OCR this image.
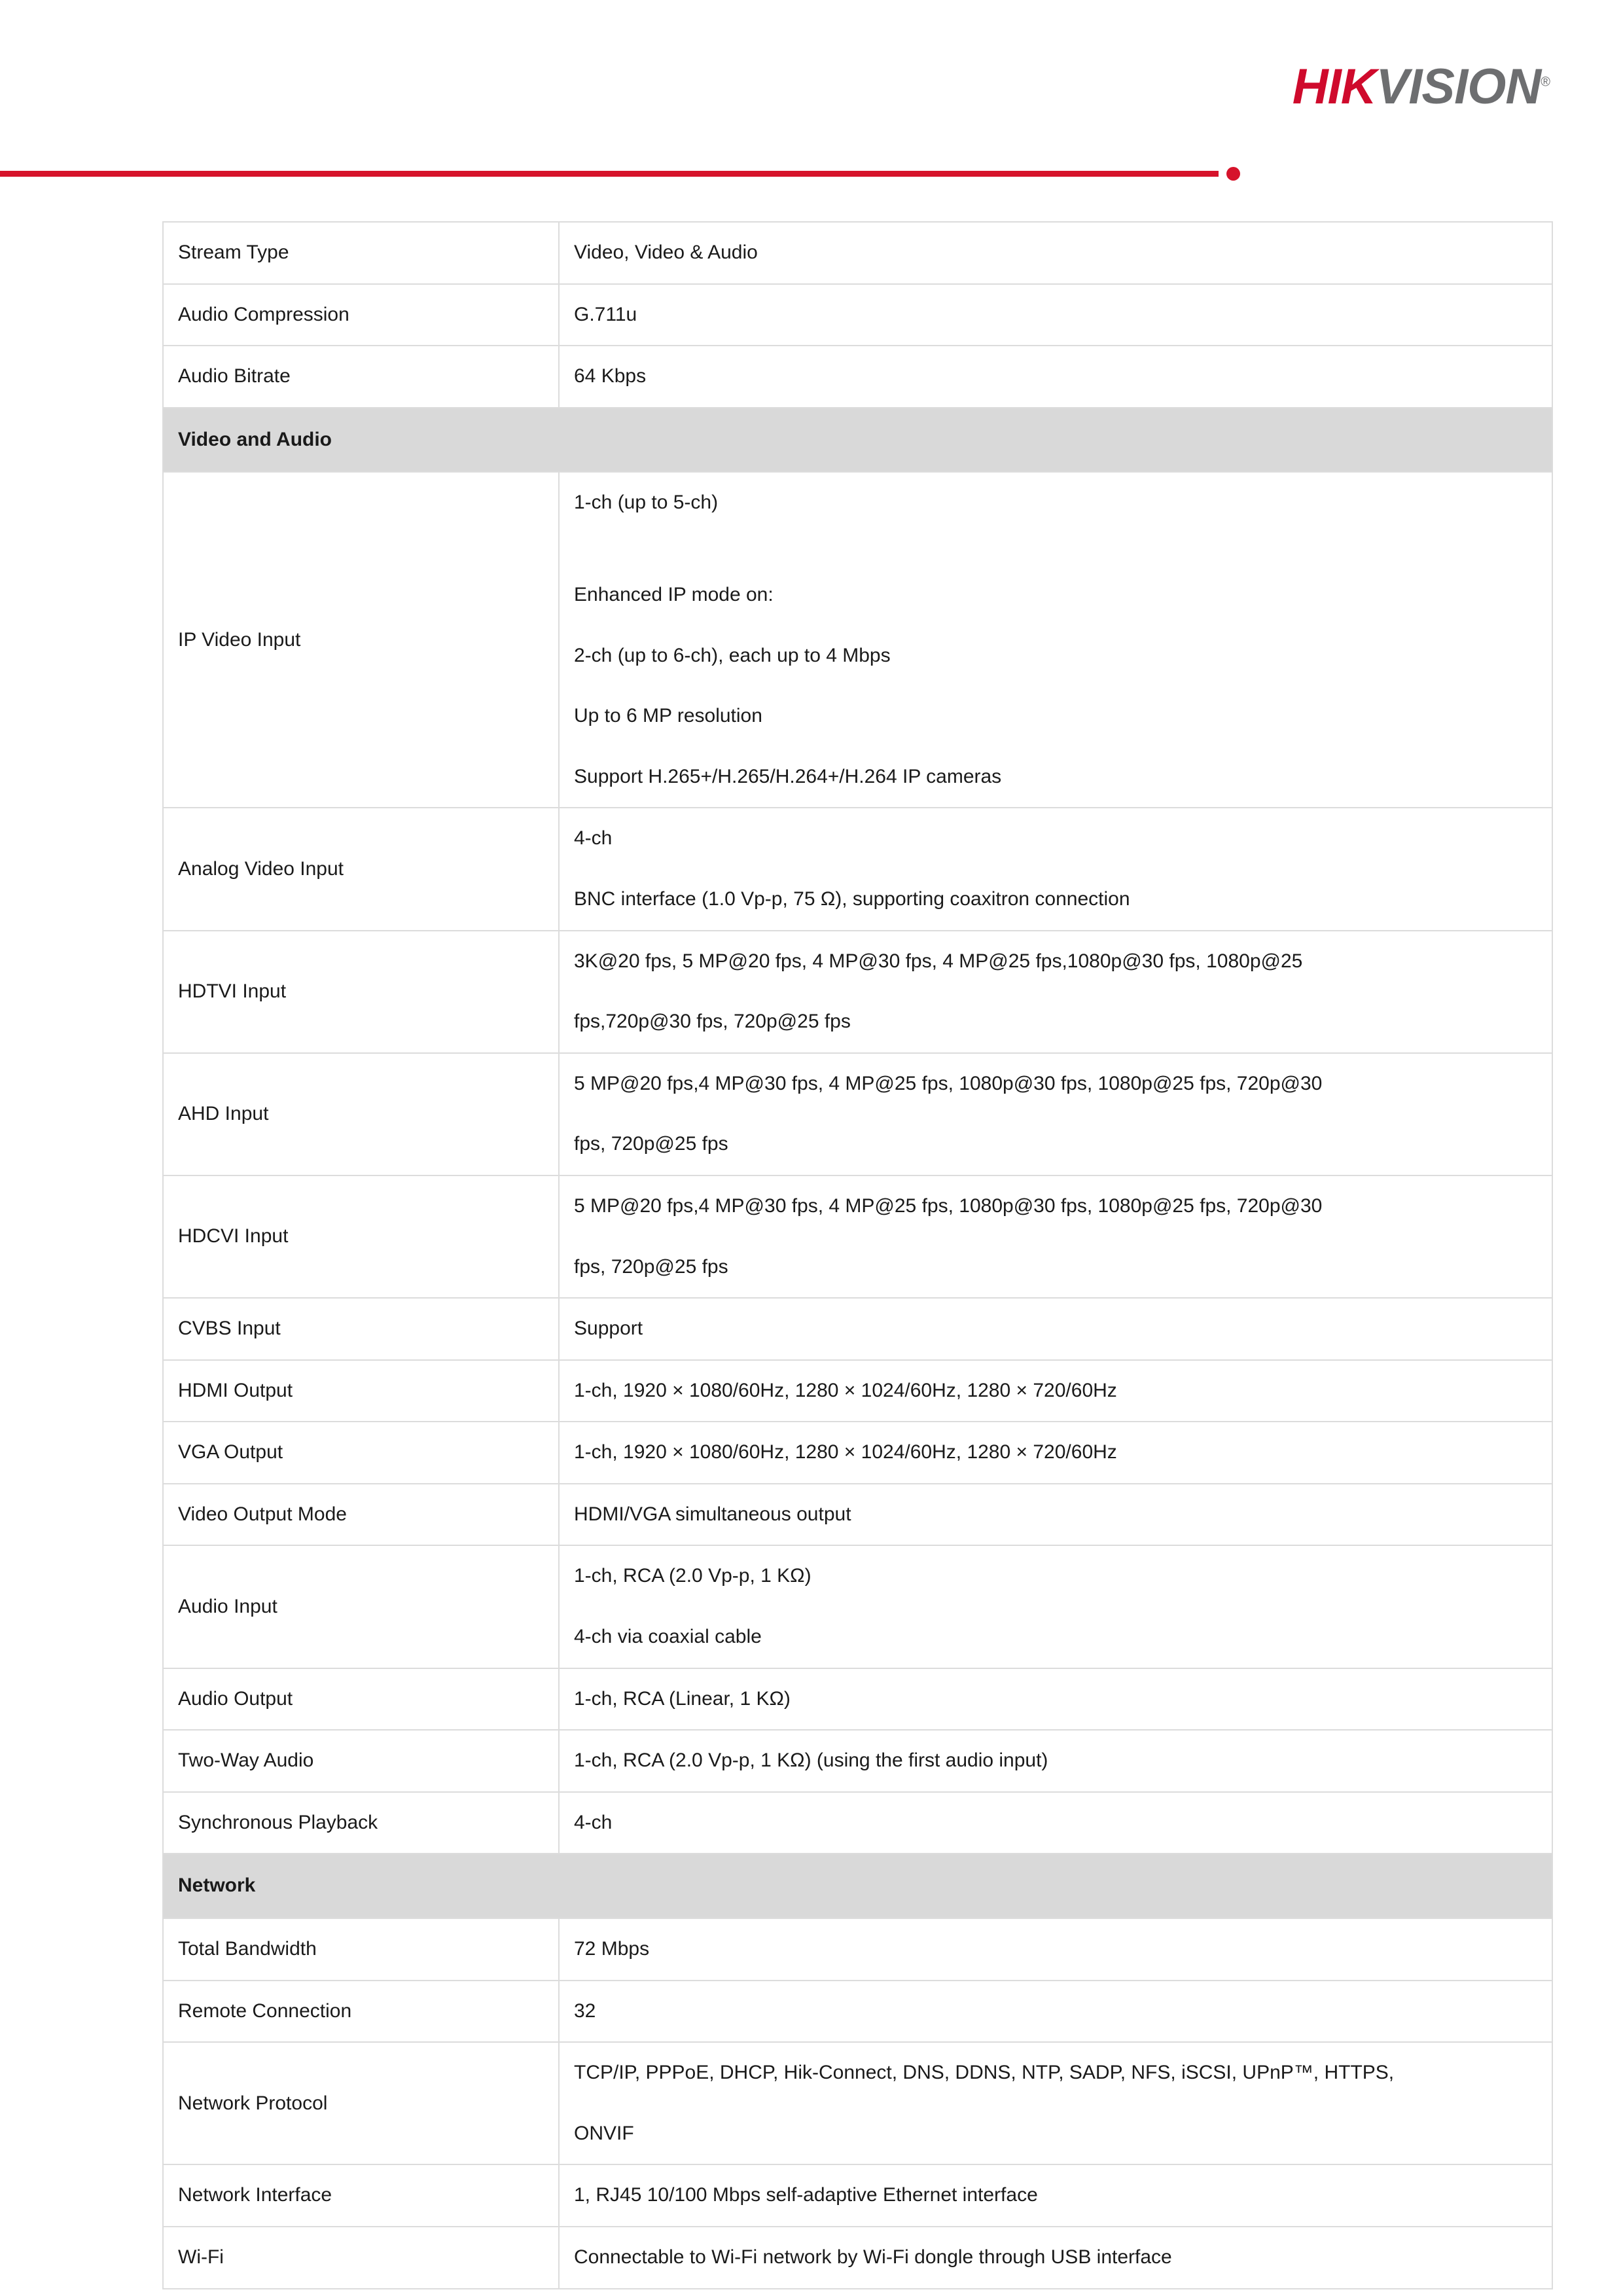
HIKVISION®
Stream Type	Video, Video & Audio

Audio Compression	G.711u

Audio Bitrate	64 Kbps

Video and Audio	
IP Video Input	1-ch (up to 5-ch)

Enhanced IP mode on:

2-ch (up to 6-ch), each up to 4 Mbps

Up to 6 MP resolution

Support H.265+/H.265/H.264+/H.264 IP cameras

Analog Video Input	4-ch

BNC interface (1.0 Vp-p, 75 Ω), supporting coaxitron connection

HDTVI Input	3K@20 fps, 5 MP@20 fps, 4 MP@30 fps, 4 MP@25 fps,1080p@30 fps, 1080p@25

fps,720p@30 fps, 720p@25 fps

AHD Input	5 MP@20 fps,4 MP@30 fps, 4 MP@25 fps, 1080p@30 fps, 1080p@25 fps, 720p@30

fps, 720p@25 fps

HDCVI Input	5 MP@20 fps,4 MP@30 fps, 4 MP@25 fps, 1080p@30 fps, 1080p@25 fps, 720p@30

fps, 720p@25 fps

CVBS Input	Support

HDMI Output	1-ch, 1920 × 1080/60Hz, 1280 × 1024/60Hz, 1280 × 720/60Hz

VGA Output	1-ch, 1920 × 1080/60Hz, 1280 × 1024/60Hz, 1280 × 720/60Hz

Video Output Mode	HDMI/VGA simultaneous output

Audio Input	1-ch, RCA (2.0 Vp-p, 1 KΩ)

4-ch via coaxial cable

Audio Output	1-ch, RCA (Linear, 1 KΩ)

Two-Way Audio	1-ch, RCA (2.0 Vp-p, 1 KΩ) (using the first audio input)

Synchronous Playback	4-ch

Network	
Total Bandwidth	72 Mbps

Remote Connection	32

Network Protocol	TCP/IP, PPPoE, DHCP, Hik-Connect, DNS, DDNS, NTP, SADP, NFS, iSCSI, UPnP™, HTTPS,

ONVIF

Network Interface	1, RJ45 10/100 Mbps self-adaptive Ethernet interface

Wi-Fi	Connectable to Wi-Fi network by Wi-Fi dongle through USB interface
